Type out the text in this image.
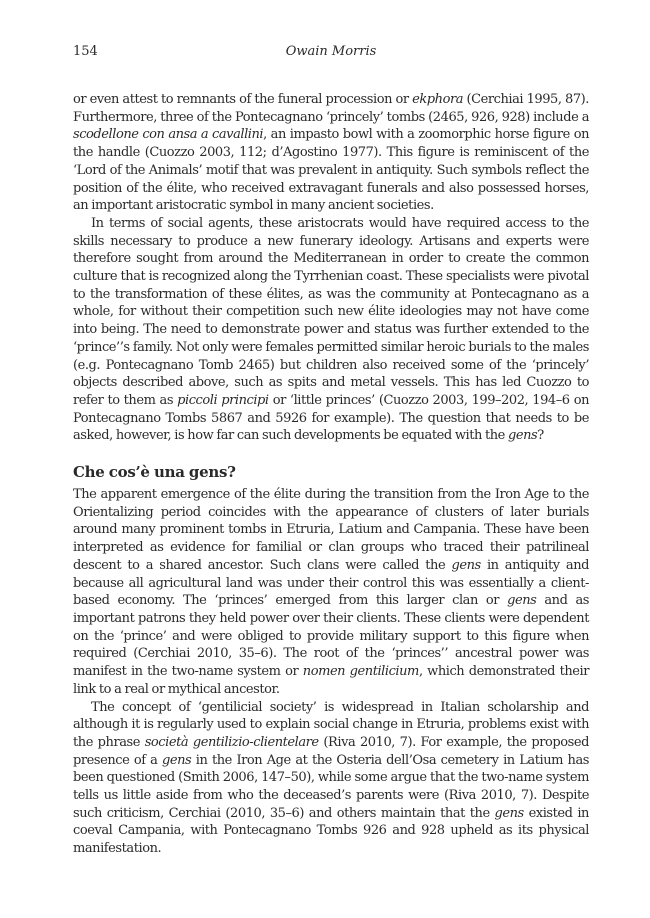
154	Owain Morris

or even attest to remnants of the funeral procession or ekphora (Cerchiai 1995, 87). Furthermore, three of the Pontecagnano ‘princely’ tombs (2465, 926, 928) include a scodellone con ansa a cavallini, an impasto bowl with a zoomorphic horse figure on the handle (Cuozzo 2003, 112; d’Agostino 1977). This figure is reminiscent of the ‘Lord of the Animals’ motif that was prevalent in antiquity. Such symbols reflect the position of the élite, who received extravagant funerals and also possessed horses, an important aristocratic symbol in many ancient societies.

In terms of social agents, these aristocrats would have required access to the skills necessary to produce a new funerary ideology. Artisans and experts were therefore sought from around the Mediterranean in order to create the common culture that is recognized along the Tyrrhenian coast. These specialists were pivotal to the transformation of these élites, as was the community at Pontecagnano as a whole, for without their competition such new élite ideologies may not have come into being. The need to demonstrate power and status was further extended to the ‘prince’’s family. Not only were females permitted similar heroic burials to the males (e.g. Pontecagnano Tomb 2465) but children also received some of the ‘princely’ objects described above, such as spits and metal vessels. This has led Cuozzo to refer to them as piccoli principi or ‘little princes’ (Cuozzo 2003, 199–202, 194–6 on Pontecagnano Tombs 5867 and 5926 for example). The question that needs to be asked, however, is how far can such developments be equated with the gens?

Che cos’è una gens?

The apparent emergence of the élite during the transition from the Iron Age to the Orientalizing period coincides with the appearance of clusters of later burials around many prominent tombs in Etruria, Latium and Campania. These have been interpreted as evidence for familial or clan groups who traced their patrilineal descent to a shared ancestor. Such clans were called the gens in antiquity and because all agricultural land was under their control this was essentially a client-based economy. The ‘princes’ emerged from this larger clan or gens and as important patrons they held power over their clients. These clients were dependent on the ‘prince’ and were obliged to provide military support to this figure when required (Cerchiai 2010, 35–6). The root of the ‘princes’’ ancestral power was manifest in the two-name system or nomen gentilicium, which demonstrated their link to a real or mythical ancestor.

The concept of ‘gentilicial society’ is widespread in Italian scholarship and although it is regularly used to explain social change in Etruria, problems exist with the phrase società gentilizio-clientelare (Riva 2010, 7). For example, the proposed presence of a gens in the Iron Age at the Osteria dell’Osa cemetery in Latium has been questioned (Smith 2006, 147–50), while some argue that the two-name system tells us little aside from who the deceased’s parents were (Riva 2010, 7). Despite such criticism, Cerchiai (2010, 35–6) and others maintain that the gens existed in coeval Campania, with Pontecagnano Tombs 926 and 928 upheld as its physical manifestation.
